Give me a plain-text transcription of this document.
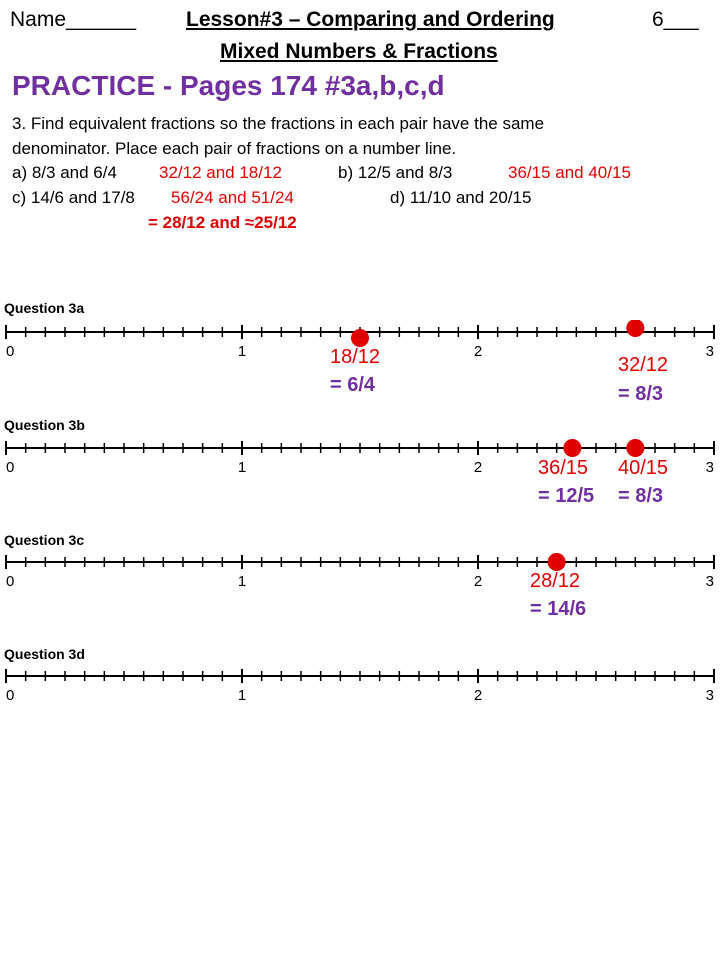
Name______ Lesson#3 – Comparing and Ordering	6___
Mixed Numbers & Fractions
PRACTICE - Pages 174 #3a,b,c,d
3. Find equivalent fractions so the fractions in each pair have the same
denominator. Place each pair of fractions on a number line.
a) 8/3 and 6/4 32/12 and 18/12	b) 12/5 and 8/3	36/15 and 40/15
c) 14/6 and 17/8 56/24 and 51/24	d) 11/10 and 20/15
= 28/12 and ≈25/12
Question 3a
0	1	2	3
18/12
= 6/4
32/12
= 8/3
Question 3b
0	1	2	3
36/15
= 12/5
40/15
= 8/3
Question 3c
0	1	2	3
28/12
= 14/6
Question 3d
0	1	2	3
